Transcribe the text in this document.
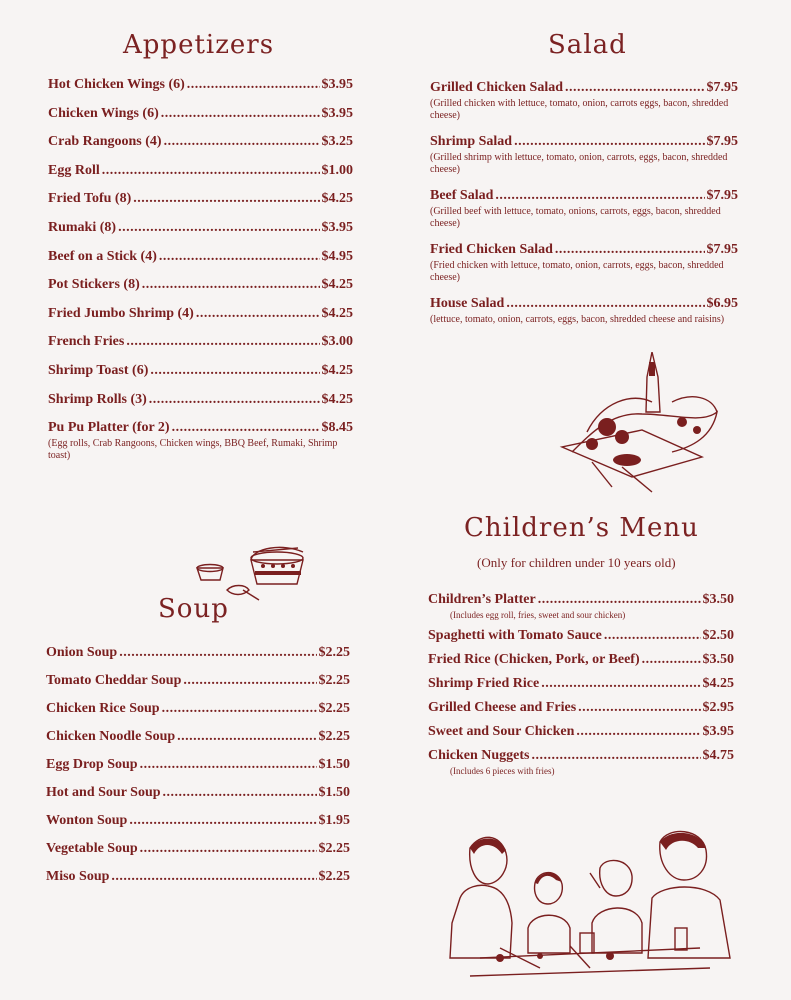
Appetizers
Hot Chicken Wings (6) .....	$3.95
Chicken Wings (6) .....	$3.95
Crab Rangoons (4) .....	$3.25
Egg Roll .....	$1.00
Fried Tofu (8) .....	$4.25
Rumaki (8) .....	$3.95
Beef on a Stick (4) .....	$4.95
Pot Stickers (8) .....	$4.25
Fried Jumbo Shrimp (4) .....	$4.25
French Fries .....	$3.00
Shrimp Toast (6) .....	$4.25
Shrimp Rolls (3) .....	$4.25
Pu Pu Platter (for 2) .....	$8.45
(Egg rolls, Crab Rangoons, Chicken wings, BBQ Beef, Rumaki, Shrimp toast)
Salad
Grilled Chicken Salad .....	$7.95
(Grilled chicken with lettuce, tomato, onion, carrots eggs, bacon, shredded cheese)
Shrimp Salad .....	$7.95
(Grilled shrimp with lettuce, tomato, onion, carrots, eggs, bacon, shredded cheese)
Beef Salad .....	$7.95
(Grilled beef with lettuce, tomato, onions, carrots, eggs, bacon, shredded cheese)
Fried Chicken Salad .....	$7.95
(Fried chicken with lettuce, tomato, onion, carrots, eggs, bacon, shredded cheese)
House Salad .....	$6.95
(lettuce, tomato, onion, carrots, eggs, bacon, shredded cheese and raisins)
Soup
Onion Soup .....	$2.25
Tomato Cheddar Soup .....	$2.25
Chicken Rice Soup .....	$2.25
Chicken Noodle Soup .....	$2.25
Egg Drop Soup .....	$1.50
Hot and Sour Soup .....	$1.50
Wonton Soup .....	$1.95
Vegetable Soup .....	$2.25
Miso Soup .....	$2.25
Children’s Menu
(Only for children under 10 years old)
Children’s Platter .....	$3.50
(Includes egg roll, fries, sweet and sour chicken)
Spaghetti with Tomato Sauce .....	$2.50
Fried Rice (Chicken, Pork, or Beef) .....	$3.50
Shrimp Fried Rice .....	$4.25
Grilled Cheese and Fries .....	$2.95
Sweet and Sour Chicken .....	$3.95
Chicken Nuggets .....	$4.75
(Includes 6 pieces with fries)
